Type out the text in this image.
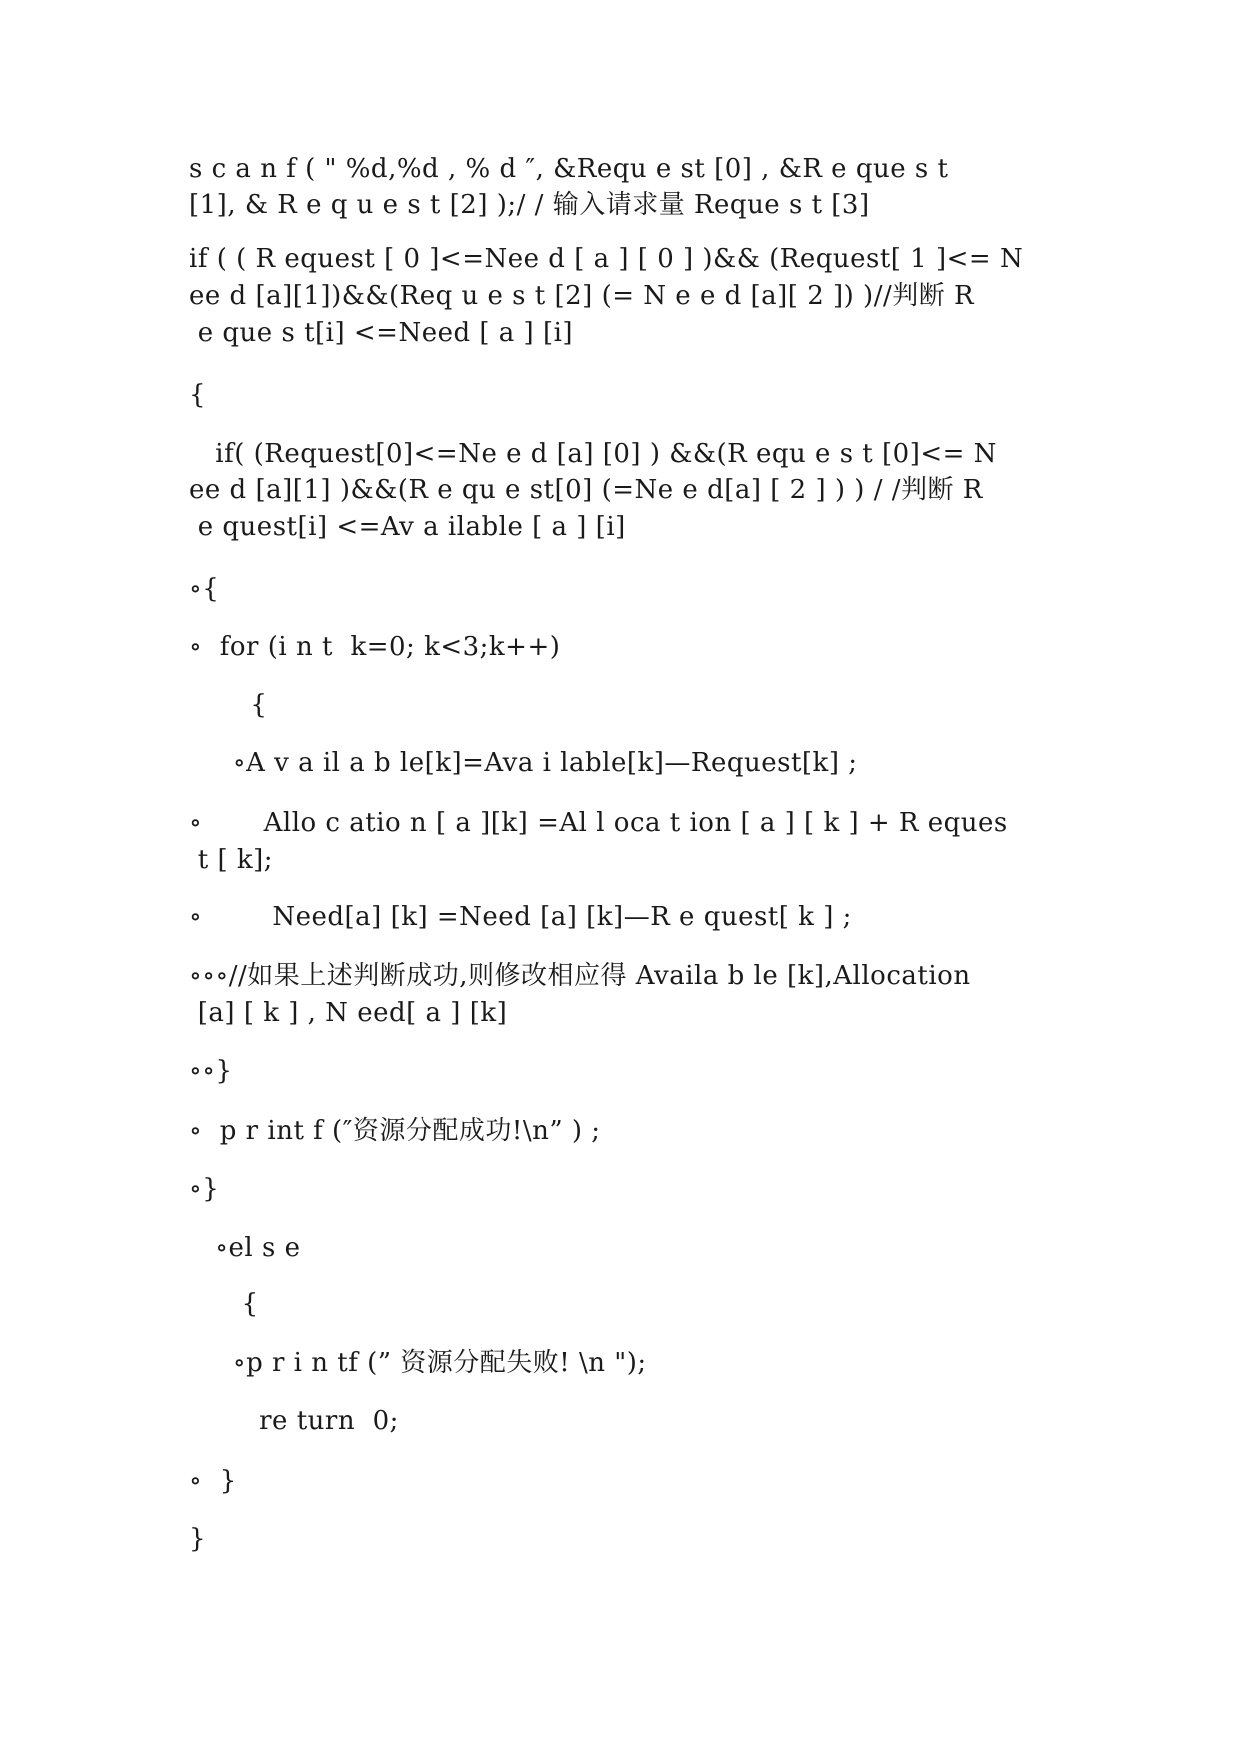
s c a n f ( " %d,%d , % d ″, &Requ e st [0] , &R e que s t
[1], & R e q u e s t [2] );/ / 输入请求量 Reque s t [3]
if ( ( R equest [ 0 ]<=Nee d [ a ] [ 0 ] )&& (Request[ 1 ]<= N
ee d [a][1])&&(Req u e s t [2] (= N e e d [a][ 2 ]) )//判断 R
e que s t[i] <=Need [ a ] [i]
{
if( (Request[0]<=Ne e d [a] [0] ) &&(R equ e s t [0]<= N
ee d [a][1] )&&(R e qu e st[0] (=Ne e d[a] [ 2 ] ) ) / /判断 R
e quest[i] <=Av a ilable [ a ] [i]
∘{
∘  for (i n t  k=0; k<3;k++)
{
∘A v a il a b le[k]=Ava i lable[k]—Request[k] ;
∘       Allo c atio n [ a ][k] =Al l oca t ion [ a ] [ k ] + R eques
t [ k];
∘        Need[a] [k] =Need [a] [k]—R e quest[ k ] ;
∘∘∘//如果上述判断成功,则修改相应得 Availa b le [k],Allocation
[a] [ k ] , N eed[ a ] [k]
∘∘}
∘  p r int f (″资源分配成功!\n” ) ;
∘}
∘el s e
{
∘p r i n tf (” 资源分配失败! \n ");
re turn  0;
∘  }
}
